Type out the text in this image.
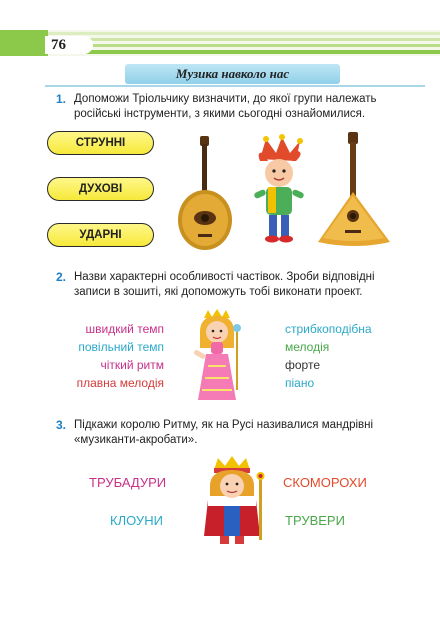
76
Музика навколо нас
1. Допоможи Тріольчику визначити, до якої групи належать
російські інструменти, з якими сьогодні ознайомилися.
СТРУННІ
ДУХОВІ
УДАРНІ
2. Назви характерні особливості частівок. Зроби відповідні
записи в зошиті, які допоможуть тобі виконати проект.
швидкий темп
повільний темп
чіткий ритм
плавна мелодія
стрибкоподібна
мелодія
форте
піано
3. Підкажи королю Ритму, як на Русі називалися мандрівні
«музиканти-акробати».
ТРУБАДУРИ	СКОМОРОХИ
КЛОУНИ	ТРУВЕРИ
